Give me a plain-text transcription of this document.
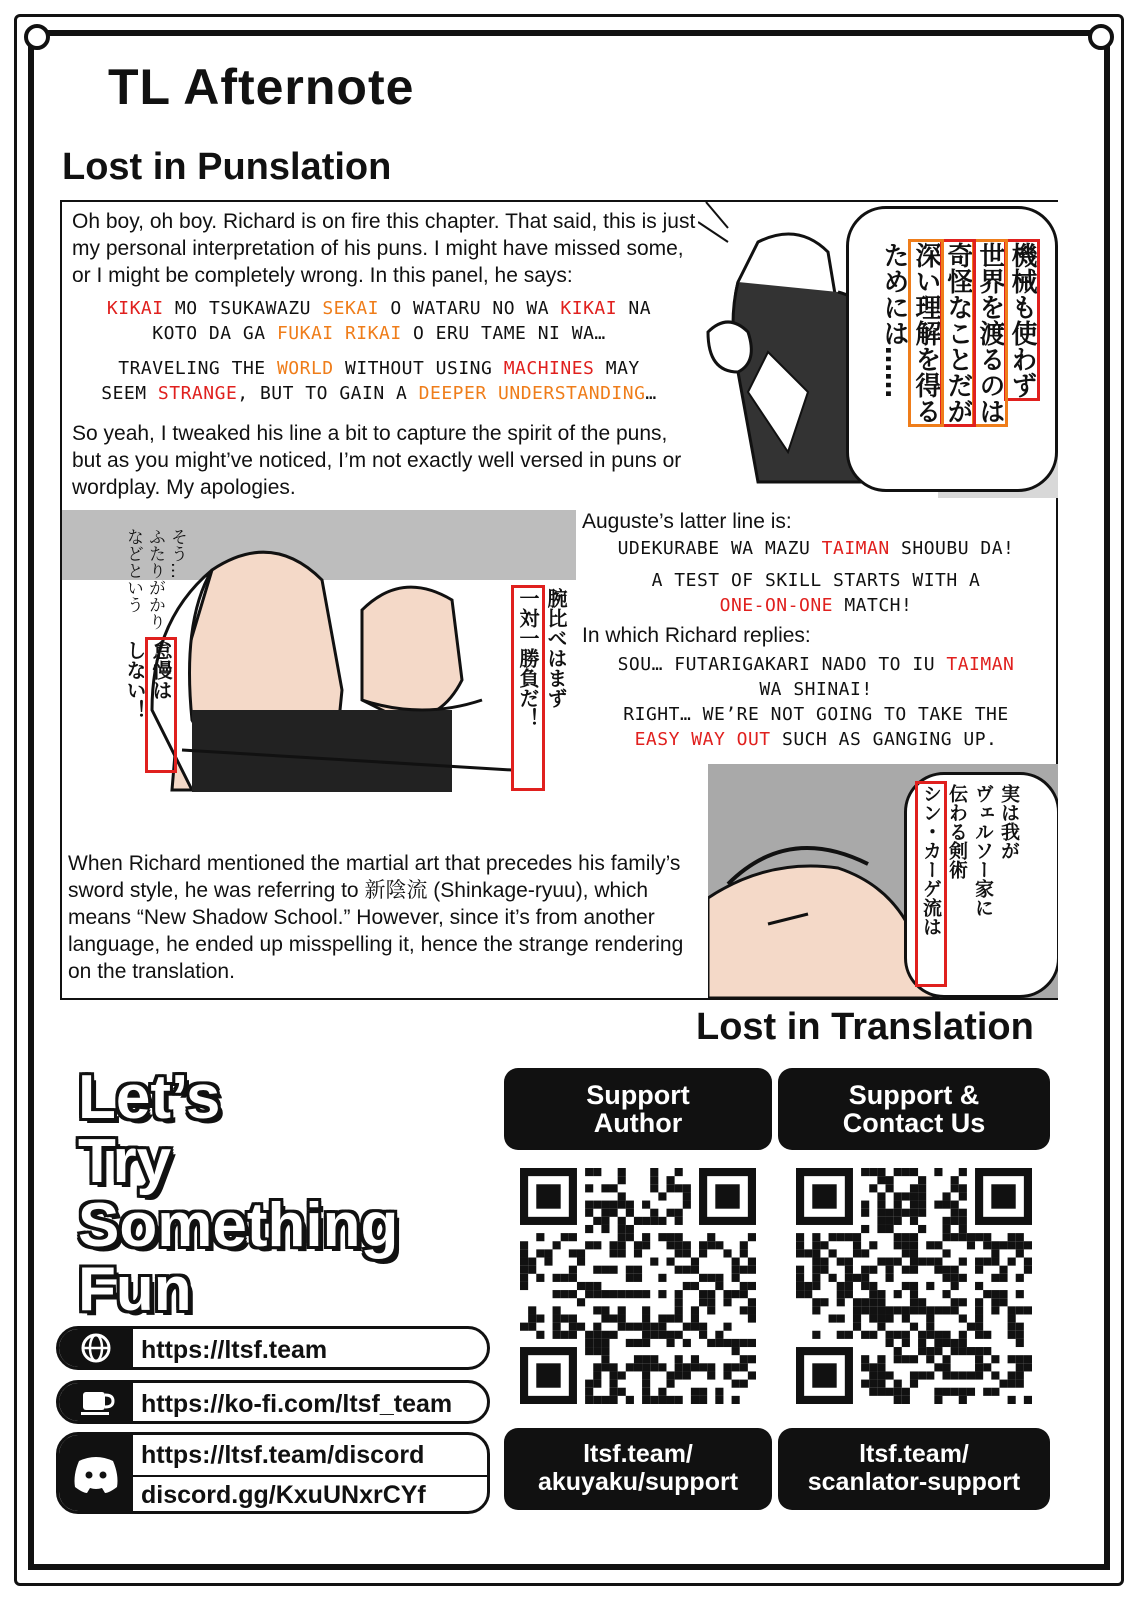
TL Afternote
Lost in Punslation
Oh boy, oh boy. Richard is on fire this chapter. That said, this is just my personal interpretation of his puns. I might have missed some, or I might be completely wrong. In this panel, he says:
KIKAI MO TSUKAWAZU SEKAI O WATARU NO WA KIKAI NA
KOTO DA GA FUKAI RIKAI O ERU TAME NI WA…
TRAVELING THE WORLD WITHOUT USING MACHINES MAY
SEEM STRANGE, BUT TO GAIN A DEEPER UNDERSTANDING…
So yeah, I tweaked his line a bit to capture the spirit of the puns, but as you might’ve noticed, I’m not exactly well versed in puns or wordplay. My apologies.
機械も使わず
世界を渡るのは
奇怪なことだが
深い理解を得る
ためには……
そう…
ふたりがかり
などという
怠慢は
しない！	腕比べはまず
一対一勝負だ！
Auguste’s latter line is:
UDEKURABE WA MAZU TAIMAN SHOUBU DA!
A TEST OF SKILL STARTS WITH A
ONE-ON-ONE MATCH!
In which Richard replies:
SOU… FUTARIGAKARI NADO TO IU TAIMAN
WA SHINAI!
RIGHT… WE’RE NOT GOING TO TAKE THE
EASY WAY OUT SUCH AS GANGING UP.
実は我が
ヴェルソー家に
伝わる剣術
シン・カーゲ流は
When Richard mentioned the martial art that precedes his family’s sword style, he was referring to 新陰流 (Shinkage-ryuu), which means “New Shadow School.” However, since it’s from another language, he ended up misspelling it, hence the strange rendering on the translation.
Lost in Translation
Let’s
Try
Something
Fun
https://ltsf.team
https://ko-fi.com/ltsf_team
https://ltsf.team/discord
discord.gg/KxuUNxrCYf
Support
Author
Support &
Contact Us
ltsf.team/
akuyaku/support
ltsf.team/
scanlator-support
